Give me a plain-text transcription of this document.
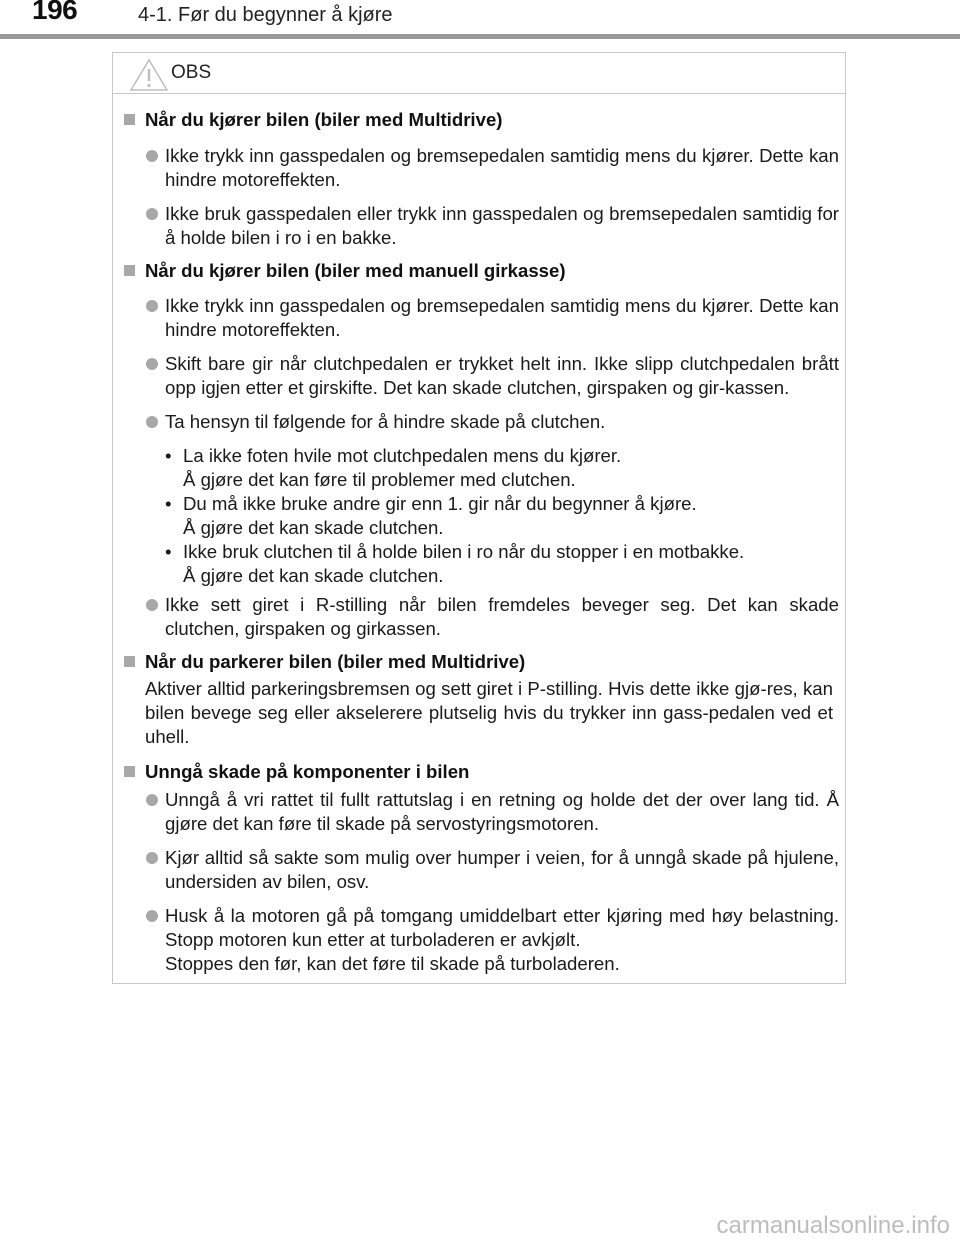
196	4-1. Før du begynner å kjøre
OBS
Når du kjører bilen (biler med Multidrive)
Ikke trykk inn gasspedalen og bremsepedalen samtidig mens du kjører. Dette kan hindre motoreffekten.
Ikke bruk gasspedalen eller trykk inn gasspedalen og bremsepedalen samtidig for å holde bilen i ro i en bakke.
Når du kjører bilen (biler med manuell girkasse)
Ikke trykk inn gasspedalen og bremsepedalen samtidig mens du kjører. Dette kan hindre motoreffekten.
Skift bare gir når clutchpedalen er trykket helt inn. Ikke slipp clutchpedalen brått opp igjen etter et girskifte. Det kan skade clutchen, girspaken og gir-kassen.
Ta hensyn til følgende for å hindre skade på clutchen.
• La ikke foten hvile mot clutchpedalen mens du kjører.
Å gjøre det kan føre til problemer med clutchen.
• Du må ikke bruke andre gir enn 1. gir når du begynner å kjøre.
Å gjøre det kan skade clutchen.
• Ikke bruk clutchen til å holde bilen i ro når du stopper i en motbakke.
Å gjøre det kan skade clutchen.
Ikke sett giret i R-stilling når bilen fremdeles beveger seg. Det kan skade clutchen, girspaken og girkassen.
Når du parkerer bilen (biler med Multidrive)
Aktiver alltid parkeringsbremsen og sett giret i P-stilling. Hvis dette ikke gjø-res, kan bilen bevege seg eller akselerere plutselig hvis du trykker inn gass-pedalen ved et uhell.
Unngå skade på komponenter i bilen
Unngå å vri rattet til fullt rattutslag i en retning og holde det der over lang tid. Å gjøre det kan føre til skade på servostyringsmotoren.
Kjør alltid så sakte som mulig over humper i veien, for å unngå skade på hjulene, undersiden av bilen, osv.
Husk å la motoren gå på tomgang umiddelbart etter kjøring med høy belastning. Stopp motoren kun etter at turboladeren er avkjølt.
Stoppes den før, kan det føre til skade på turboladeren.
carmanualsonline.info
